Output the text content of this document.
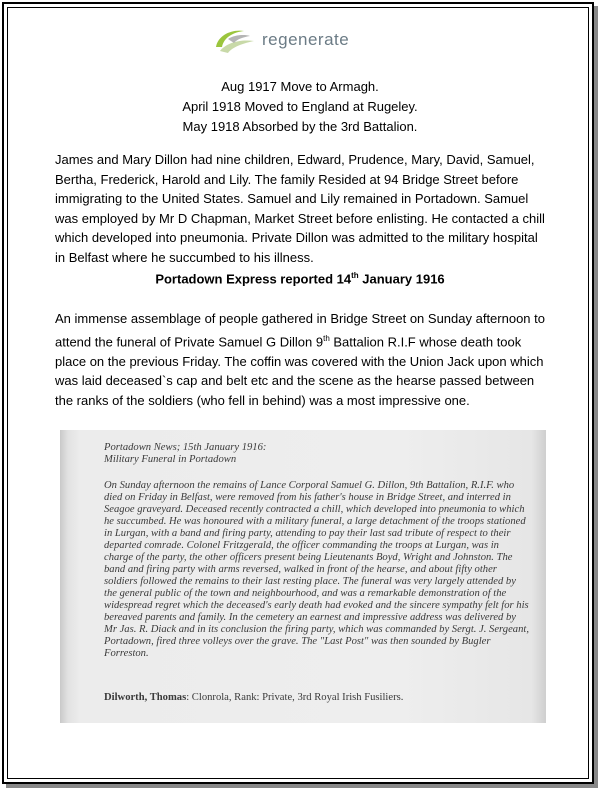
regenerate
Aug 1917 Move to Armagh.
April 1918 Moved to England at Rugeley.
May 1918 Absorbed by the 3rd Battalion.
James and Mary Dillon had nine children, Edward, Prudence, Mary, David, Samuel, Bertha, Frederick, Harold and Lily. The family Resided at 94 Bridge Street before immigrating to the United States. Samuel and Lily remained in Portadown. Samuel was employed by Mr D Chapman, Market Street before enlisting. He contacted a chill which developed into pneumonia. Private Dillon was admitted to the military hospital in Belfast where he succumbed to his illness.
Portadown Express reported 14th January 1916
An immense assemblage of people gathered in Bridge Street on Sunday afternoon to attend the funeral of Private Samuel G Dillon 9th Battalion R.I.F whose death took place on the previous Friday. The coffin was covered with the Union Jack upon which was laid deceased`s cap and belt etc and the scene as the hearse passed between the ranks of the soldiers (who fell in behind) was a most impressive one.
Portadown News; 15th January 1916:
Military Funeral in Portadown
On Sunday afternoon the remains of Lance Corporal Samuel G. Dillon, 9th Battalion, R.I.F. who died on Friday in Belfast, were removed from his father's house in Bridge Street, and interred in Seagoe graveyard. Deceased recently contracted a chill, which developed into pneumonia to which he succumbed. He was honoured with a military funeral, a large detachment of the troops stationed in Lurgan, with a band and firing party, attending to pay their last sad tribute of respect to their departed comrade. Colonel Fritzgerald, the officer commanding the troops at Lurgan, was in charge of the party, the other officers present being Lieutenants Boyd, Wright and Johnston. The band and firing party with arms reversed, walked in front of the hearse, and about fifty other soldiers followed the remains to their last resting place. The funeral was very largely attended by the general public of the town and neighbourhood, and was a remarkable demonstration of the widespread regret which the deceased's early death had evoked and the sincere sympathy felt for his bereaved parents and family. In the cemetery an earnest and impressive address was delivered by Mr Jas. R. Diack and in its conclusion the firing party, which was commanded by Sergt. J. Sergeant, Portadown, fired three volleys over the grave. The "Last Post" was then sounded by Bugler Forreston.
Dilworth, Thomas: Clonrola, Rank: Private, 3rd Royal Irish Fusiliers.
